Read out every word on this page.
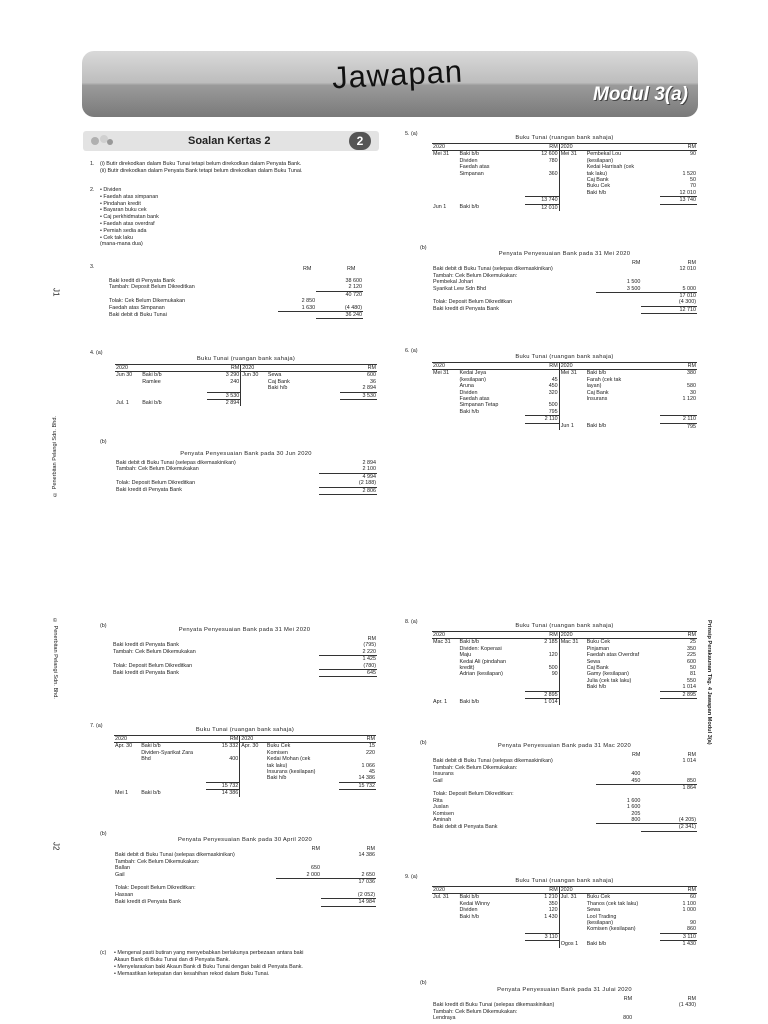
Jawapan	Modul 3(a)
J1
© Penerbitan Pelangi Sdn. Bhd.
© Penerbitan Pelangi Sdn. Bhd.
J2
Prinsip Perakaunan Tkg. 4 Jawapan Modul 3(a)
Soalan Kertas 2	2
1. (i) Butir direkodkan dalam Buku Tunai tetapi belum direkodkan dalam Penyata Bank.
(ii) Butir direkodkan dalam Penyata Bank tetapi belum direkodkan dalam Buku Tunai.
2. • Dividen
• Faedah atas simpanan
• Pindahan kredit
• Bayaran buku cek
• Caj perkhidmatan bank
• Faedah atas overdraf
• Pemiah sedia ada
• Cek tak laku
(mana-mana dua)
3.	RM	RM
Baki kredit di Penyata Bank		38 600
Tambah: Deposit Belum Dikreditkan		2 120
		40 720
Tolak: Cek Belum Dikemukakan	2 850	
Faedah atas Simpanan	1 630	(4 480)
Baki debit di Buku Tunai		36 240
4. (a)
Buku Tunai (ruangan bank sahaja)
2020		RM	2020		RM
Jun 30	Baki b/b	3 290	Jun 30	Sewa	600
	Ramlee	240		Caj Bank	36
				Baki h/b	2 894
		3 530			3 530
Jul. 1	Baki b/b	2 894			
(b)
Penyata Penyesuaian Bank pada 30 Jun 2020
Baki debit di Buku Tunai (selepas dikemaskinikan)	2 894
Tambah: Cek Belum Dikemukakan	2 100
	4 994
Tolak: Deposit Belum Dikreditkan	(2 188)
Baki kredit di Penyata Bank	2 806
5. (a)
Buku Tunai (ruangan bank sahaja)
2020		RM	2020		RM
Mei 31	Baki b/b	12 600	Mei 31	Pembekal Lou	90
	Dividen	780		(kesilapan)	
	Faedah atas			Kedai Harrisah (cek	
	Simpanan	360		tak laku)	1 520
				Caj Bank	50
				Buku Cek	70
				Baki h/b	12 010
		13 740			13 740
Jun 1	Baki b/b	12 010			
(b)
Penyata Penyesuaian Bank pada 31 Mei 2020
	RM	RM
Baki debit di Buku Tunai (selepas dikemaskinikan)		12 010
Tambah: Cek Belum Dikemukakan:		
Pembekal Johari	1 500	
Syarikat Lew Sdn Bhd	3 500	5 000
		17 010
Tolak: Deposit Belum Dikreditkan		(4 300)
Baki kredit di Penyata Bank		12 710
6. (a)
Buku Tunai (ruangan bank sahaja)
2020		RM	2020		RM
Mei 31	Kedai Jeya		Mei 31	Baki b/b	380
	(kesilapan)	45		Farah (cek tak	
	Aruna	450		layan)	580
	Dividen	320		Caj Bank	30
	Faedah atas			Insurans	1 120
	Simpanan Tetap	500			
	Baki h/b	795			
		2 110			2 110
			Jun 1	Baki b/b	795
(b)
Penyata Penyesuaian Bank pada 31 Mei 2020
	RM
Baki kredit di Penyata Bank	(795)
Tambah: Cek Belum Dikemukakan	2 220
	1 425
Tolak: Deposit Belum Dikreditkan	(780)
Baki kredit di Penyata Bank	645
7. (a)
Buku Tunai (ruangan bank sahaja)
2020		RM	2020		RM
Apr. 30	Baki b/b	15 332	Apr. 30	Buku Cek	15
	Dividen-Syarikat Zara			Komisen	220
	Bhd	400		Kedai Mohan (cek	
				tak laku)	1 066
				Insurans (kesilapan)	45
				Baki h/b	14 386
		15 732			15 732
Mei 1	Baki b/b	14 386			
(b)
Penyata Penyesuaian Bank pada 30 April 2020
	RM	RM
Baki debit di Buku Tunai (selepas dikemaskinikan)		14 386
Tambah: Cek Belum Dikemukakan:		
Ballan	650	
Gail	2 000	2 650
		17 036
Tolak: Deposit Belum Dikreditkan:		
Hassan		(2 052)
Baki kredit di Penyata Bank		14 984
(c) • Mengenal pasti butiran yang menyebabkan berlakunya perbezaan antara baki
Akaun Bank di Buku Tunai dan di Penyata Bank.
• Menyelaraskan baki Akaun Bank di Buku Tunai dengan baki di Penyata Bank.
• Memastikan ketepatan dan kesahihan rekod dalam Buku Tunai.
8. (a)
Buku Tunai (ruangan bank sahaja)
2020		RM	2020		RM
Mac 31	Baki b/b	2 185	Mac 31	Buku Cek	25
	Dividen: Koperasi			Pinjaman	350
	Maju	120		Faedah atas Overdraf	225
	Kedai Ali (pindahan			Sewa	600
	kredit)	500		Caj Bank	50
	Adrian (kesilapan)	90		Gamy (kesilapan)	81
				Julia (cek tak laku)	550
				Baki h/b	1 014
		2 895			2 895
Apr. 1	Baki b/b	1 014			
(b)	Penyata Penyesuaian Bank pada 31 Mac 2020
	RM	RM
Baki debit di Buku Tunai (selepas dikemaskinikan)		1 014
Tambah: Cek Belum Dikemukakan:		
Insurans	400	
Gail	450	850
		1 864
Tolak: Deposit Belum Dikreditkan:		
Rita	1 600	
Juslan	1 600	
Komisen	205	
Aminah	800	(4 205)
Baki debit di Penyata Bank		(2 341)
9. (a)
Buku Tunai (ruangan bank sahaja)
2020		RM	2020		RM
Jul. 31	Baki b/b	1 210	Jul. 31	Buku Cek	60
	Kedai Winny	350		Thanos (cek tak laku)	1 100
	Dividen	120		Sewa	1 000
	Baki h/b	1 430		Lool Trading	
				(kesilapan)	90
				Komisen (kesilapan)	860
		3 110			3 110
			Ogos 1	Baki b/b	1 430
(b)
Penyata Penyesuaian Bank pada 31 Julai 2020
	RM	RM
Baki kredit di Buku Tunai (selepas dikemaskinikan)		(1 430)
Tambah: Cek Belum Dikemukakan:		
Lendraya	800	
